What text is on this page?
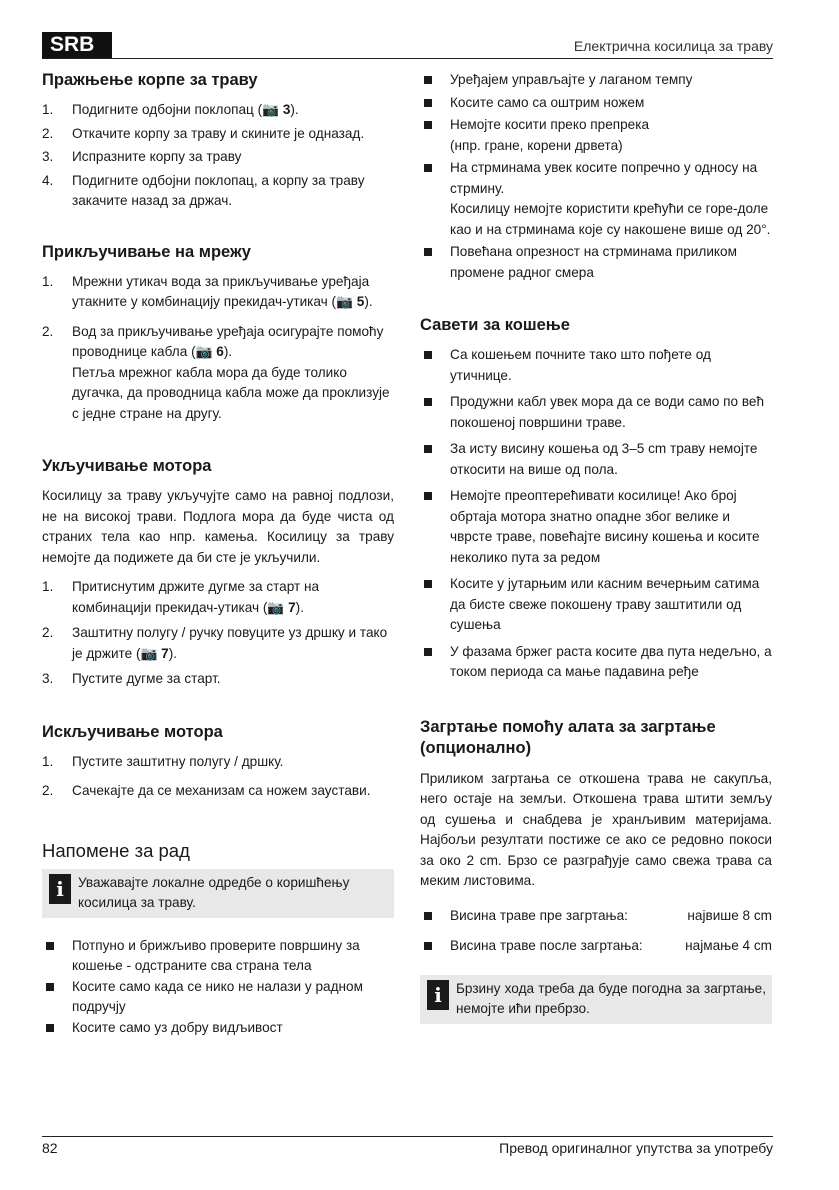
SRB	Електрична косилица за траву
Пражњење корпе за траву
1. Подигните одбојни поклопац (📷 3).
2. Откачите корпу за траву и скините је одназад.
3. Испразните корпу за траву
4. Подигните одбојни поклопац, а корпу за траву закачите назад за држач.
Прикључивање на мрежу
1. Мрежни утикач вода за прикључивање уређаја утакните у комбинацију прекидач-утикач (📷 5).
2. Вод за прикључивање уређаја осигурајте помоћу проводнице кабла (📷 6).
Петља мрежног кабла мора да буде толико дугачка, да проводница кабла може да проклизује с једне стране на другу.
Укључивање мотора

Косилицу за траву укључујте само на равној подлози, не на високој трави. Подлога мора да буде чиста од страних тела као нпр. камења. Косилицу за траву немојте да подижете да би сте је укључили.

1. Притиснутим држите дугме за старт на комбинацији прекидач-утикач (📷 7).
2. Заштитну полугу / ручку повуците уз дршку и тако је држите (📷 7).
3. Пустите дугме за старт.
Искључивање мотора
1. Пустите заштитну полугу / дршку.
2. Сачекајте да се механизам са ножем заустави.
Напомене за рад
i	Уважавајте локалне одредбе о коришћењу косилица за траву.
Потпуно и брижљиво проверите површину за кошење - одстраните сва страна тела
Косите само када се нико не налази у радном подручју
Косите само уз добру видљивост
Уређајем управљајте у лаганом темпу
Косите само са оштрим ножем
Немојте косити преко препрека
(нпр. гране, корени дрвета)
На стрминама увек косите попречно у односу на стрмину.
Косилицу немојте користити крећући се горе-доле као и на стрминама које су накошене више од 20°.
Повећана опрезност на стрминама приликом промене радног смера
Савети за кошење
Са кошењем почните тако што пођете од утичнице.
Продужни кабл увек мора да се води само по већ покошеној површини траве.
За исту висину кошења од 3–5 cm траву немојте откосити на више од пола.
Немојте преоптерећивати косилице! Ако број обртаја мотора знатно опадне због велике и чврсте траве, повећајте висину кошења и косите неколико пута за редом
Косите у јутарњим или касним вечерњим сатима да бисте свеже покошену траву заштитили од сушења
У фазама бржег раста косите два пута недељно, а током периода са мање падавина ређе
Загртање помоћу алата за загртање (опционално)

Приликом загртања се откошена трава не сакупља, него остаје на земљи. Откошена трава штити земљу од сушења и снабдева је хранљивим материјама. Најбољи резултати постиже се ако се редовно покоси за око 2 cm. Брзо се разграђује само свежа трава са меким листовима.

Висина траве пре загртања:	највише 8 cm
Висина траве после загртања:	најмање 4 cm
i	Брзину хода треба да буде погодна за загртање, немојте ићи пребрзо.

82	Превод оригиналног упутства за употребу
